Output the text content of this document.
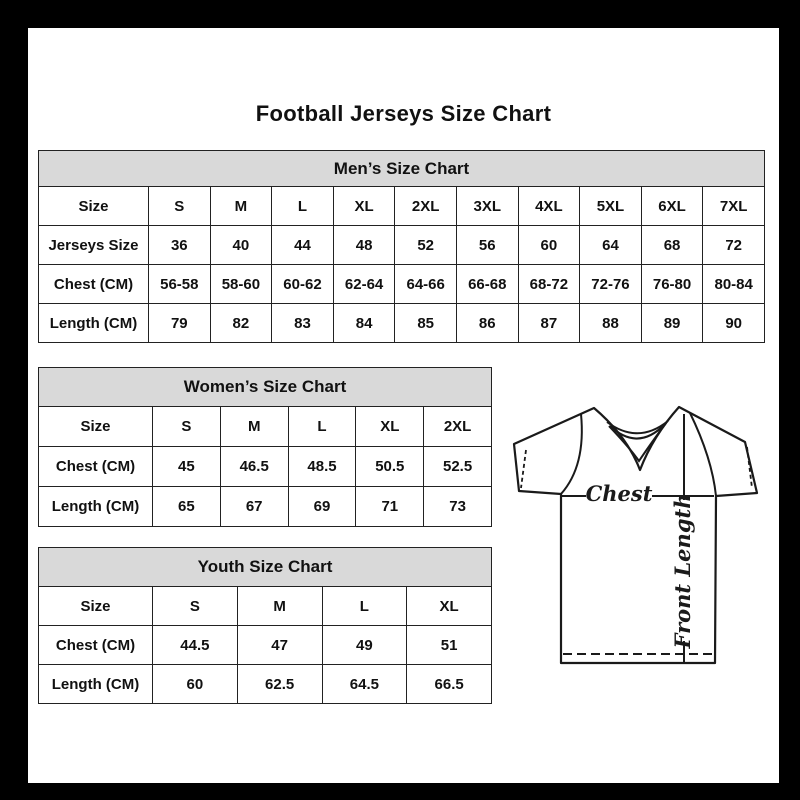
Football Jerseys Size Chart
Men’s Size Chart										
Size	S	M	L	XL	2XL	3XL	4XL	5XL	6XL	7XL
Jerseys Size	36	40	44	48	52	56	60	64	68	72
Chest (CM)	56-58	58-60	60-62	62-64	64-66	66-68	68-72	72-76	76-80	80-84
Length (CM)	79	82	83	84	85	86	87	88	89	90
Women’s Size Chart					
Size	S	M	L	XL	2XL
Chest (CM)	45	46.5	48.5	50.5	52.5
Length (CM)	65	67	69	71	73
Youth Size Chart				
Size	S	M	L	XL
Chest (CM)	44.5	47	49	51
Length (CM)	60	62.5	64.5	66.5
Chest
Front Length
